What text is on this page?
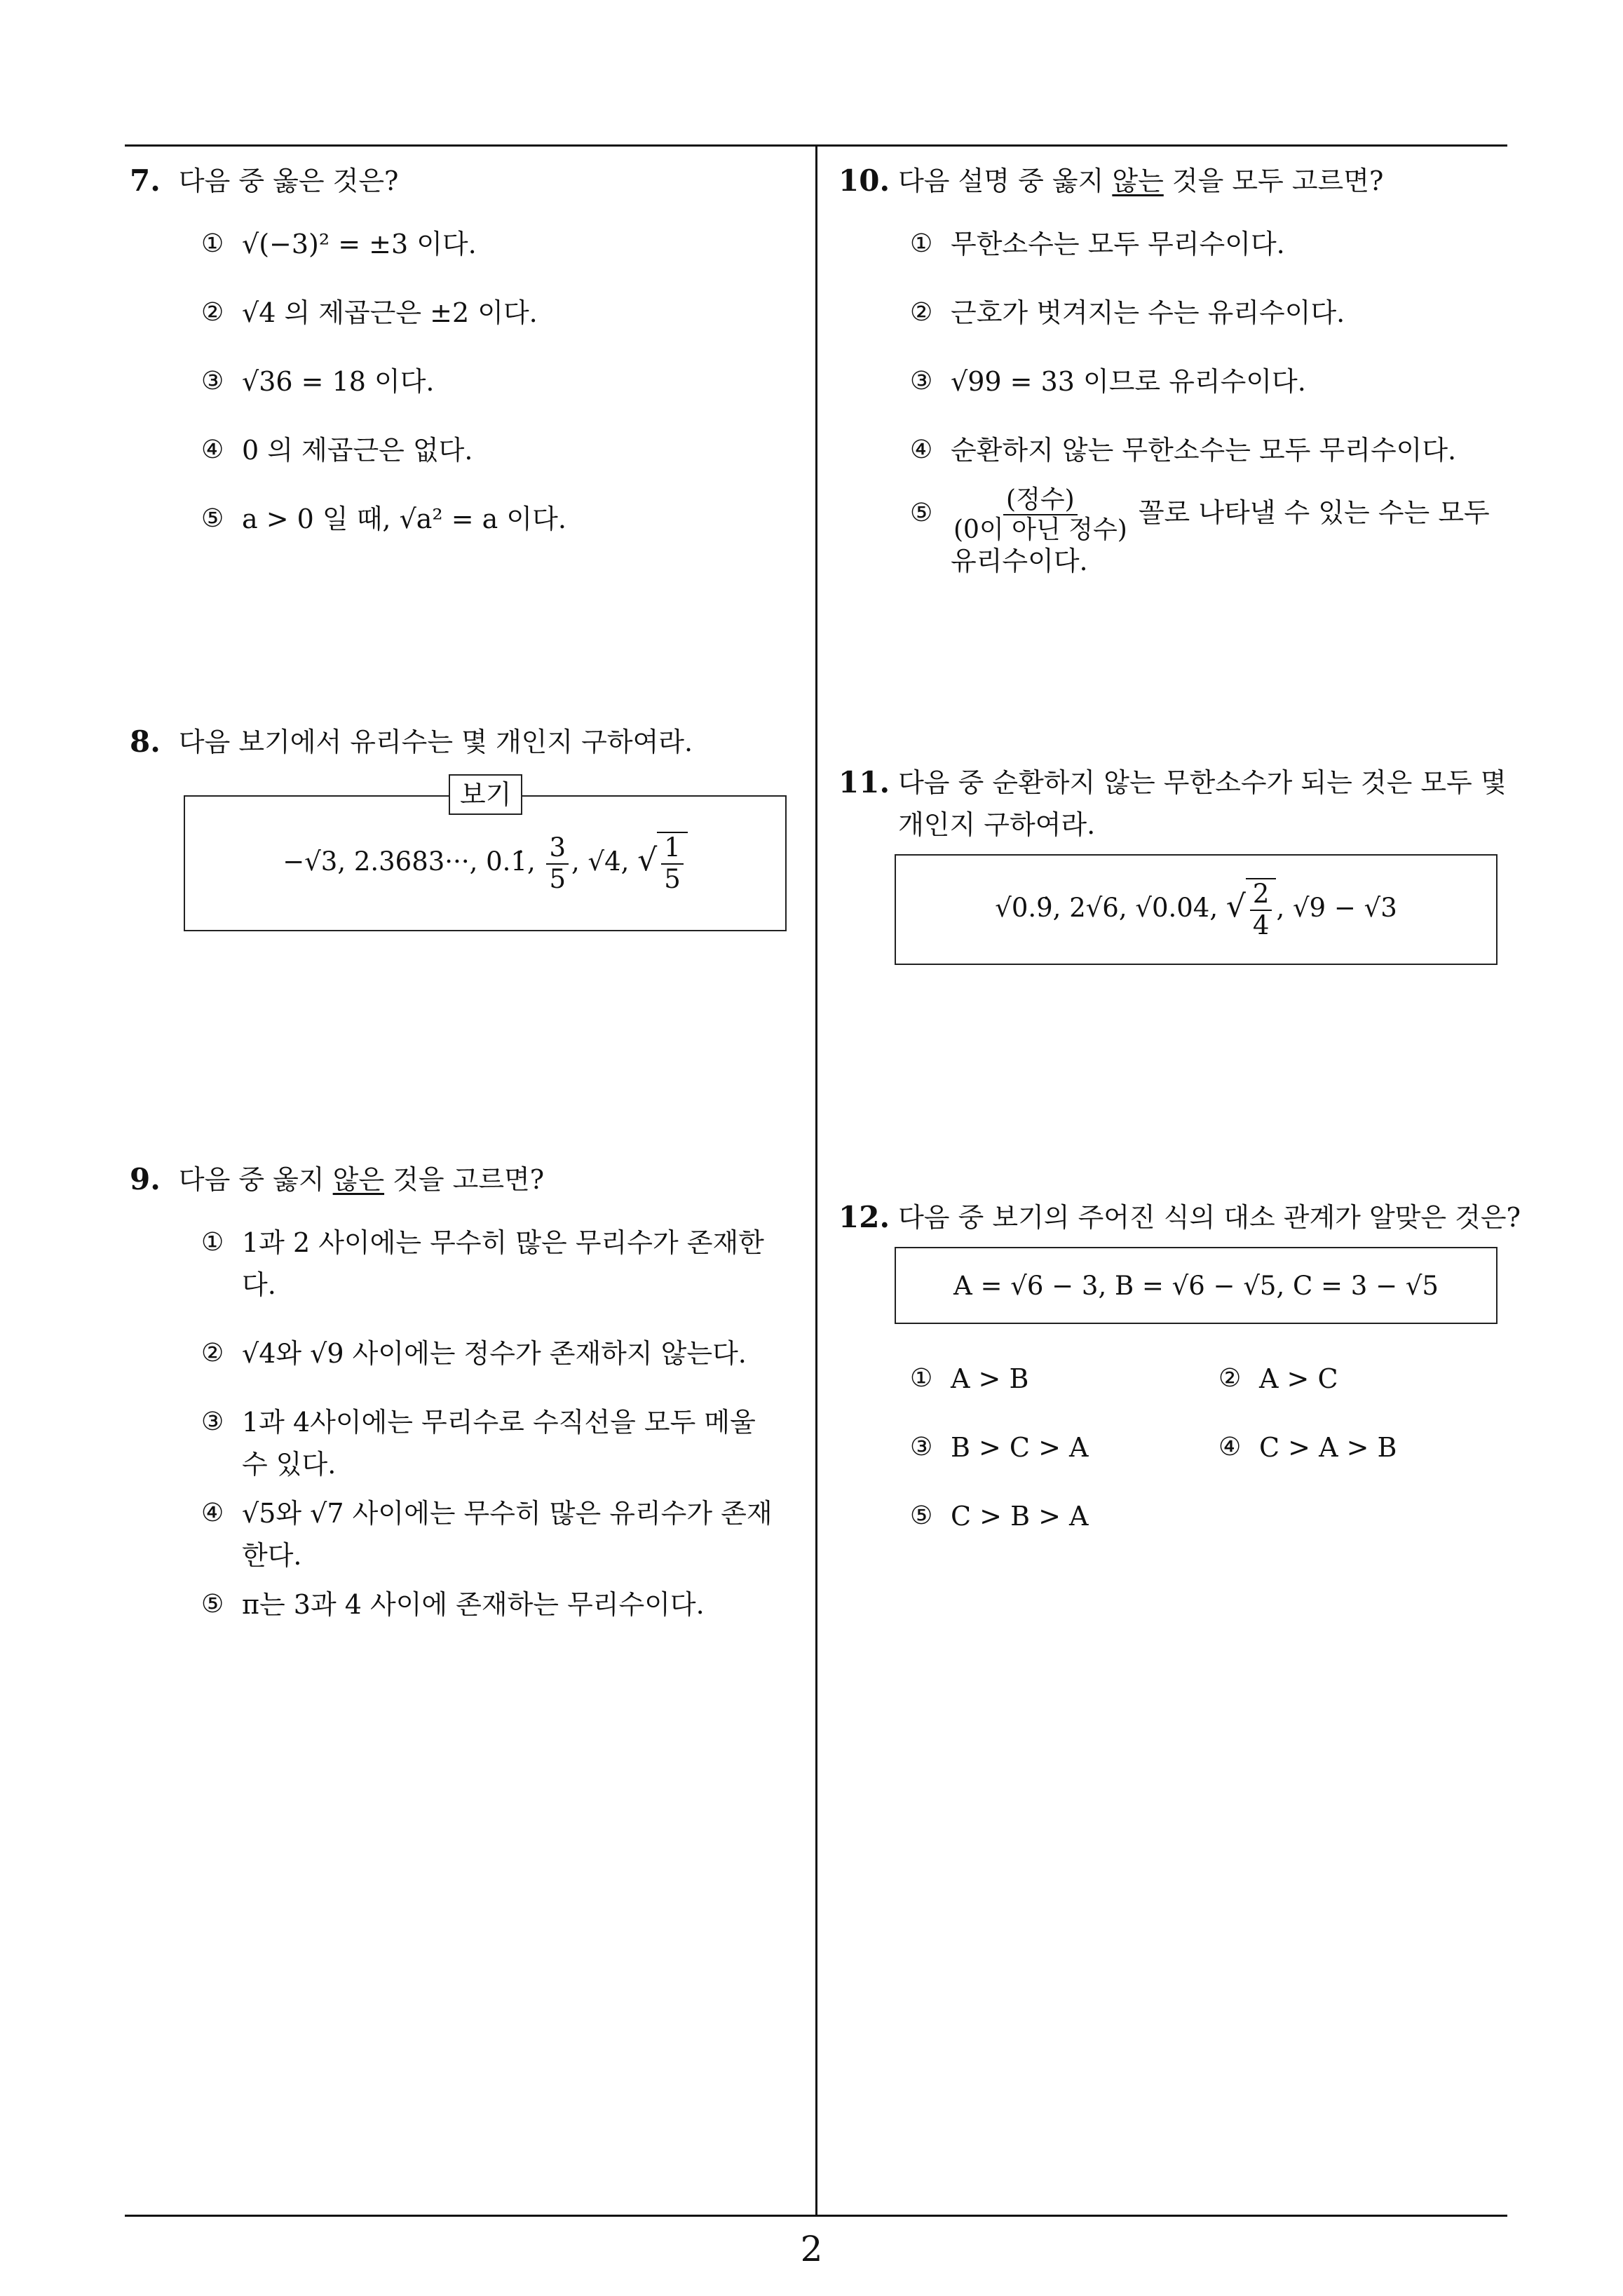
7. 다음 중 옳은 것은?
① √(−3)² = ±3 이다.
② √4 의 제곱근은 ±2 이다.
③ √36 = 18 이다.
④ 0 의 제곱근은 없다.
⑤ a > 0 일 때, √a² = a 이다.
8. 다음 보기에서 유리수는 몇 개인지 구하여라.
−√3, 2.3683···, 0.1̇, $\frac{3}{5}$ , √4, √ $\frac{1}{5}$
보기
9. 다음 중 옳지 않은 것을 고르면?
① 1과 2 사이에는 무수히 많은 무리수가 존재한다.
② √4와 √9 사이에는 정수가 존재하지 않는다.
③ 1과 4사이에는 무리수로 수직선을 모두 메울 수 있다.
④ √5와 √7 사이에는 무수히 많은 유리수가 존재한다.
⑤ π는 3과 4 사이에 존재하는 무리수이다.
10. 다음 설명 중 옳지 않는 것을 모두 고르면?
① 무한소수는 모두 무리수이다.
② 근호가 벗겨지는 수는 유리수이다.
③ √99 = 33 이므로 유리수이다.
④ 순환하지 않는 무한소수는 모두 무리수이다.
⑤ $\frac{\text{(정수)}}{\text{(0이 아닌 정수)}}$ 꼴로 나타낼 수 있는 수는 모두 유리수이다.
11. 다음 중 순환하지 않는 무한소수가 되는 것은 모두 몇 개인지 구하여라.
√0.9̇, 2√6, √0.04, √ $\frac{2}{4}$ , √9 − √3
12. 다음 중 보기의 주어진 식의 대소 관계가 알맞은 것은?
A = √6 − 3, B = √6 − √5, C = 3 − √5
① A > B	② A > C
③ B > C > A	④ C > A > B
⑤ C > B > A
2
